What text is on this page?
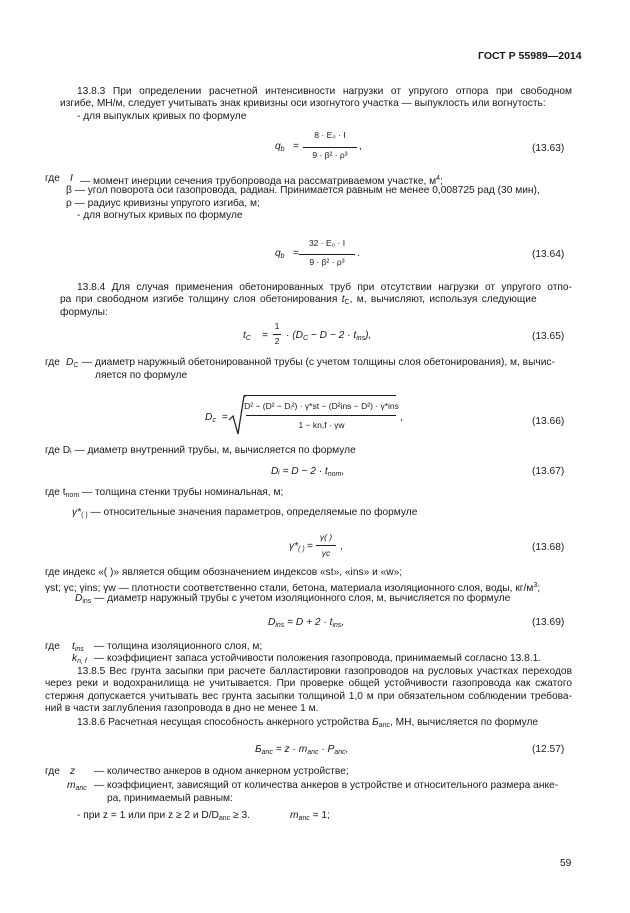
ГОСТ Р 55989—2014
13.8.3 При определении расчетной интенсивности нагрузки от упругого отпора при свободном
изгибе, МН/м, следует учитывать знак кривизны оси изогнутого участка — выпуклость или вогнутость:
- для выпуклых кривых по формуле
$q_b$ =
8 · E₀ · I
9 · β² · ρ³
,	(13.63)
где I — момент инерции сечения трубопровода на рассматриваемом участке, $м^4$;
β — угол поворота оси газопровода, радиан. Принимается равным не менее 0,008725 рад (30 мин),
ρ — радиус кривизны упругого изгиба, м;
- для вогнутых кривых по формуле
$q_b$ =
32 · E₀ · I
9 · β² · ρ³
.	(13.64)
13.8.4 Для случая применения обетонированных труб при отсутствии нагрузки от упругого отпо-
ра при свободном изгибе толщину слоя обетонирования $t_C$, м, вычисляют, используя следующие
формулы:
$t_C$ =
1
$2 \cdot (D_C - D - 2 \cdot t_{ins})$,	(13.65)
где $D_C$ — диаметр наружный обетонированной трубы (с учетом толщины слоя обетонирования), м, вычис-
ляется по формуле
$D_c$ =
D² − (D² − Dᵢ²) · γ*st − (D²ins − D²) · γ*ins
1 − kn,f · γw
,	(13.66)
где Dᵢ — диаметр внутренний трубы, м, вычисляется по формуле
Dᵢ = $D - 2 \cdot t_{nom}$,	(13.67)
где $t_{nom}$ — толщина стенки трубы номинальная, м;
$\gamma*_{( )}$ — относительные значения параметров, определяемые по формуле
$\gamma*_{( )}$ =
γ( )
γc
,	(13.68)
где индекс «( )» является общим обозначением индексов «st», «ins» и «w»;
γst; γc; γins; γw — плотности соответственно стали, бетона, материала изоляционного слоя, воды, $кг/м^3$;
$D_{ins}$ — диаметр наружный трубы с учетом изоляционного слоя, м, вычисляется по формуле
$D_{ins} = D + 2 \cdot t_{ins}$,	(13.69)
где $t_{ins}$ — толщина изоляционного слоя, м;
$k_{n, f}$ — коэффициент запаса устойчивости положения газопровода, принимаемый согласно 13.8.1.
13.8.5 Вес грунта засыпки при расчете балластировки газопроводов на русловых участках переходов
через реки и водохранилища не учитывается. При проверке общей устойчивости газопровода как сжатого
стержня допускается учитывать вес грунта засыпки толщиной 1,0 м при обязательном соблюдении требова-
ний в части заглубления газопровода в дно не менее 1 м.
13.8.6 Расчетная несущая способность анкерного устройства $Б_{anc}$, МН, вычисляется по формуле
$Б_{anc} = z \cdot m_{anc} \cdot P_{anc}$,	(12.57)
где z — количество анкеров в одном анкерном устройстве;
$m_{anc}$ — коэффициент, зависящий от количества анкеров в устройстве и относительного размера анке-
ра, принимаемый равным:
- при z = 1 или при z ≥ 2 и $D/D_{anc} \ge 3$.	$m_{anc} = 1$;
59
